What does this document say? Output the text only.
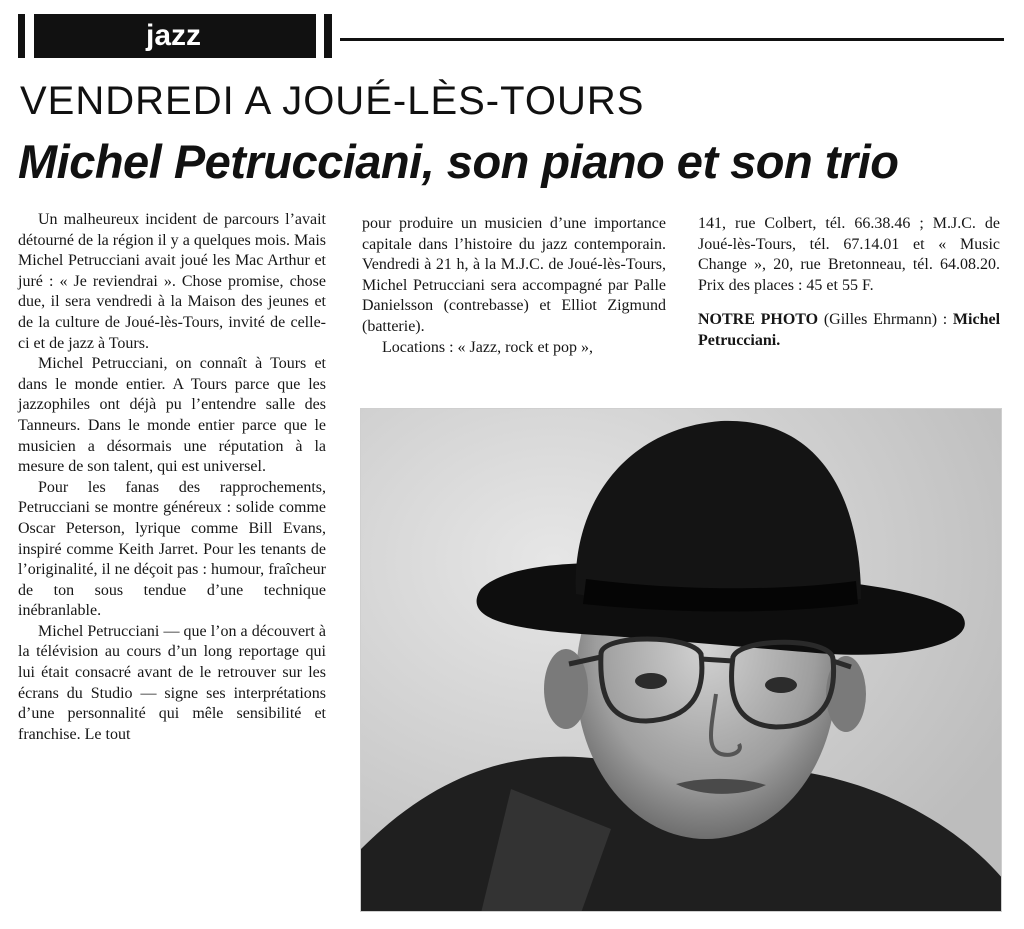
jazz
VENDREDI A JOUÉ-LÈS-TOURS
Michel Petrucciani, son piano et son trio

Un malheureux incident de parcours l’avait détourné de la région il y a quelques mois. Mais Michel Petrucciani avait joué les Mac Arthur et juré : « Je reviendrai ». Chose promise, chose due, il sera vendredi à la Maison des jeunes et de la culture de Joué-lès-Tours, invité de celle-ci et de jazz à Tours.

Michel Petrucciani, on connaît à Tours et dans le monde entier. A Tours parce que les jazzophiles ont déjà pu l’entendre salle des Tanneurs. Dans le monde entier parce que le musicien a désormais une réputation à la mesure de son talent, qui est universel.

Pour les fanas des rapprochements, Petrucciani se montre généreux : solide comme Oscar Peterson, lyrique comme Bill Evans, inspiré comme Keith Jarret. Pour les tenants de l’originalité, il ne déçoit pas : humour, fraîcheur de ton sous tendue d’une technique inébranlable.

Michel Petrucciani — que l’on a découvert à la télévision au cours d’un long reportage qui lui était consacré avant de le retrouver sur les écrans du Studio — signe ses interprétations d’une personnalité qui mêle sensibilité et franchise. Le tout

pour produire un musicien d’une importance capitale dans l’histoire du jazz contemporain. Vendredi à 21 h, à la M.J.C. de Joué-lès-Tours, Michel Petrucciani sera accompagné par Palle Danielsson (contrebasse) et Elliot Zigmund (batterie).

Locations : « Jazz, rock et pop »,

141, rue Colbert, tél. 66.38.46 ; M.J.C. de Joué-lès-Tours, tél. 67.14.01 et « Music Change », 20, rue Bretonneau, tél. 64.08.20. Prix des places : 45 et 55 F.

NOTRE PHOTO (Gilles Ehrmann) : Michel Petrucciani.
